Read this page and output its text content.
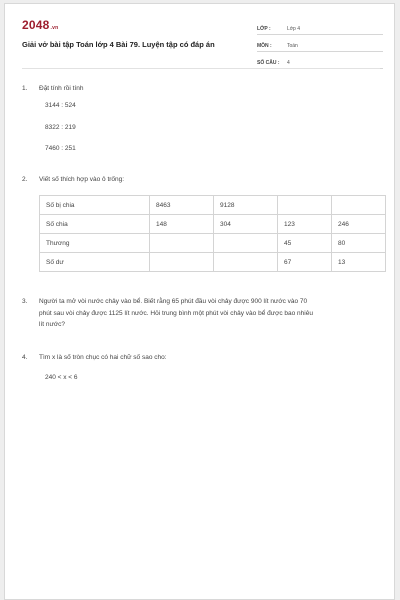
2048.vn
Giải vở bài tập Toán lớp 4 Bài 79. Luyện tập có đáp án
LỚP :	Lớp 4
MÔN :	Toán
SỐ CÂU :	4
1. Đặt tính rồi tính
3144 : 524
8322 : 219
7460 : 251
2. Viết số thích hợp vào ô trống:
Số bị chia	8463	9128		
Số chia	148	304	123	246
Thương			45	80
Số dư			67	13
3. Người ta mở vòi nước chảy vào bể. Biết rằng 65 phút đầu vòi chảy được 900 lít nước vào 70
phút sau vòi chảy được 1125 lít nước. Hỏi trung bình một phút vòi chảy vào bể được bao nhiêu
lít nước?
4. Tìm x là số tròn chục có hai chữ số sao cho:
240 < x < 6
